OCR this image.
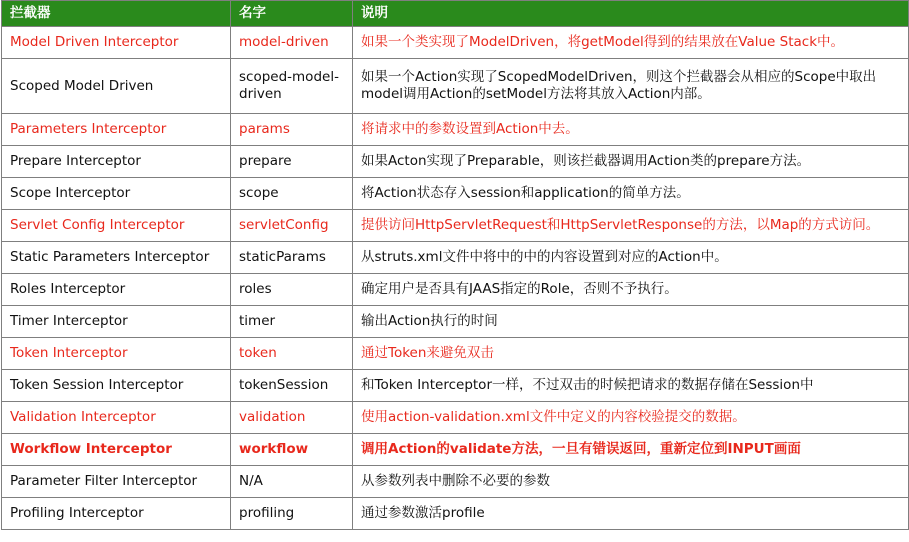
拦截器	名字	说明
Model Driven Interceptor	model-driven	如果一个类实现了ModelDriven，将getModel得到的结果放在Value Stack中。
Scoped Model Driven	scoped-model-driven	如果一个Action实现了ScopedModelDriven，则这个拦截器会从相应的Scope中取出model调用Action的setModel方法将其放入Action内部。
Parameters Interceptor	params	将请求中的参数设置到Action中去。
Prepare Interceptor	prepare	如果Acton实现了Preparable，则该拦截器调用Action类的prepare方法。
Scope Interceptor	scope	将Action状态存入session和application的简单方法。
Servlet Config Interceptor	servletConfig	提供访问HttpServletRequest和HttpServletResponse的方法，以Map的方式访问。
Static Parameters Interceptor	staticParams	从struts.xml文件中将中的中的内容设置到对应的Action中。
Roles Interceptor	roles	确定用户是否具有JAAS指定的Role，否则不予执行。
Timer Interceptor	timer	输出Action执行的时间
Token Interceptor	token	通过Token来避免双击
Token Session Interceptor	tokenSession	和Token Interceptor一样，不过双击的时候把请求的数据存储在Session中
Validation Interceptor	validation	使用action-validation.xml文件中定义的内容校验提交的数据。
Workflow Interceptor	workflow	调用Action的validate方法，一旦有错误返回，重新定位到INPUT画面
Parameter Filter Interceptor	N/A	从参数列表中删除不必要的参数
Profiling Interceptor	profiling	通过参数激活profile
